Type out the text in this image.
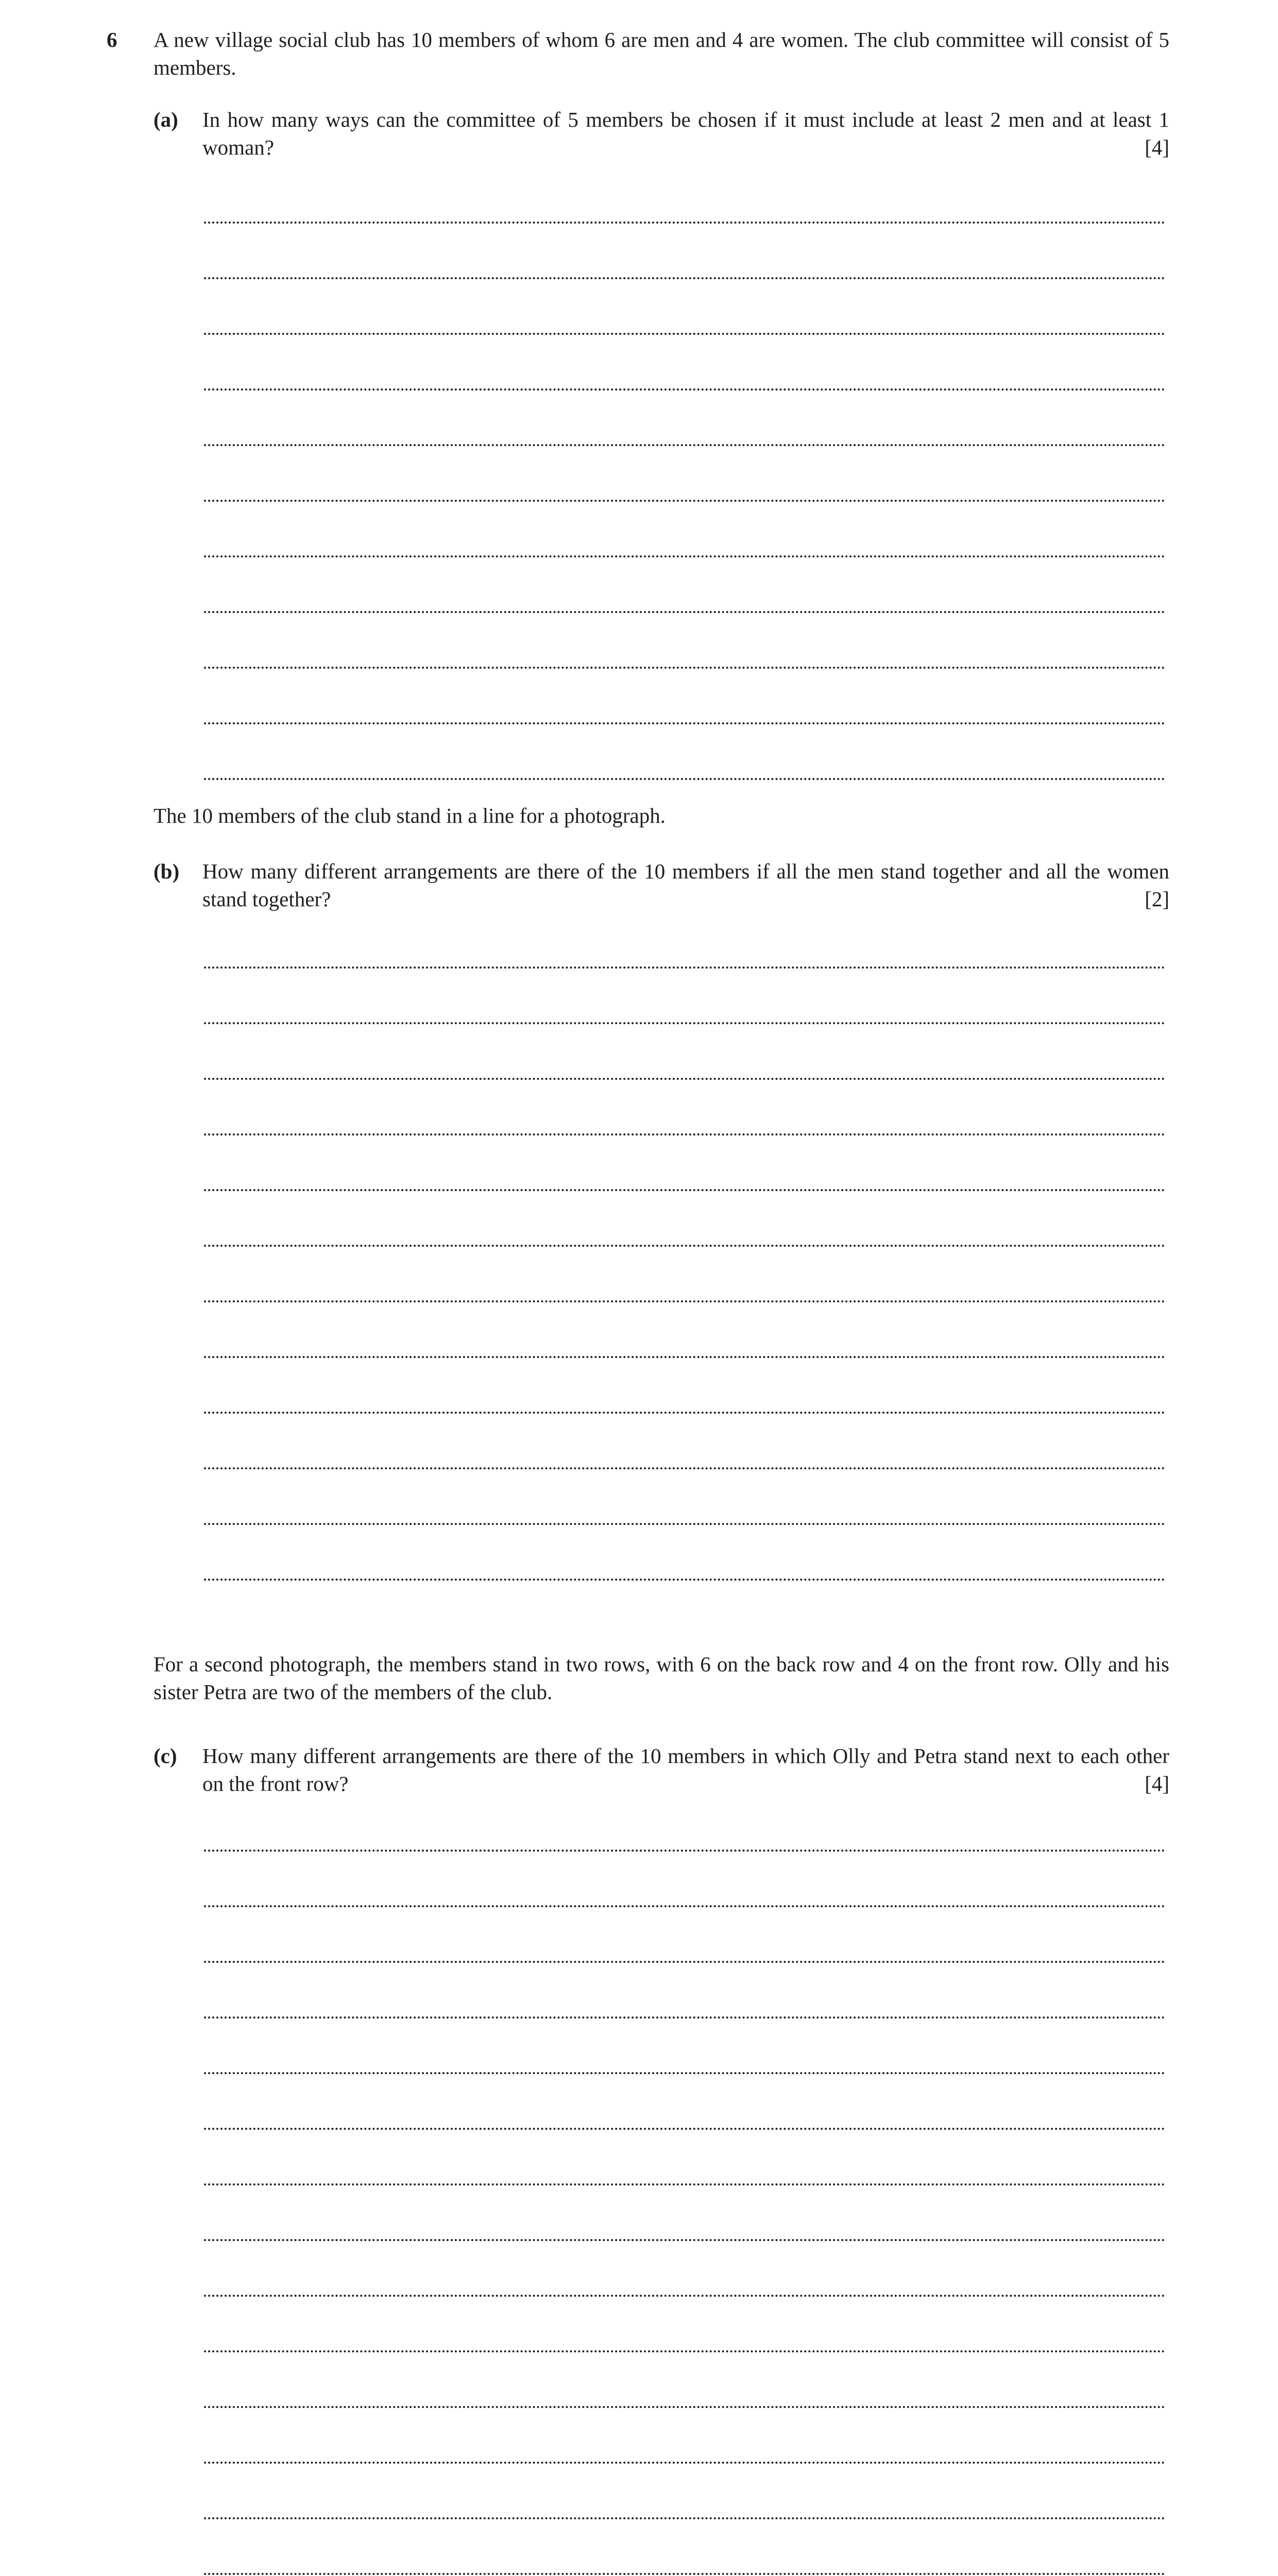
6 A new village social club has 10 members of whom 6 are men and 4 are women. The club committee will consist of 5 members.
(a) In how many ways can the committee of 5 members be chosen if it must include at least 2 men and at least 1 woman?	[4]
The 10 members of the club stand in a line for a photograph.
(b) How many different arrangements are there of the 10 members if all the men stand together and all the women stand together?	[2]
For a second photograph, the members stand in two rows, with 6 on the back row and 4 on the front row. Olly and his sister Petra are two of the members of the club.
(c) How many different arrangements are there of the 10 members in which Olly and Petra stand next to each other on the front row?	[4]
